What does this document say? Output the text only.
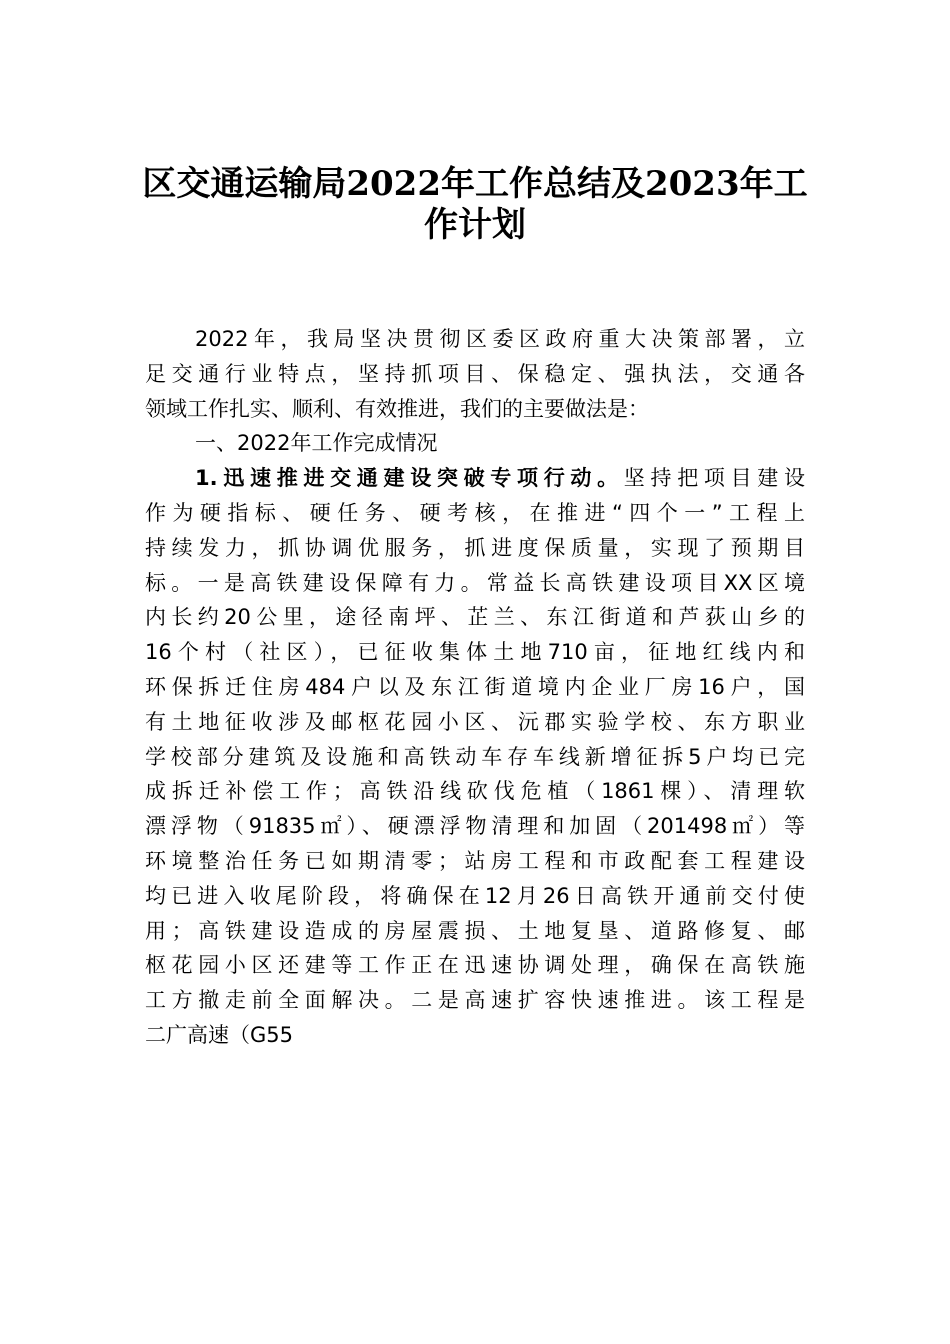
区交通运输局2022年工作总结及2023年工
作计划
2022年，我局坚决贯彻区委区政府重大决策部署，立
足交通行业特点，坚持抓项目、保稳定、强执法，交通各
领域工作扎实、顺利、有效推进，我们的主要做法是：
一、2022年工作完成情况
1.迅速推进交通建设突破专项行动。坚持把项目建设
作为硬指标、硬任务、硬考核，在推进“四个一”工程上
持续发力，抓协调优服务，抓进度保质量，实现了预期目
标。一是高铁建设保障有力。常益长高铁建设项目XX区境
内长约20公里，途径南坪、芷兰、东江街道和芦荻山乡的
16个村（社区），已征收集体土地710亩，征地红线内和
环保拆迁住房484户以及东江街道境内企业厂房16户，国
有土地征收涉及邮枢花园小区、沅郡实验学校、东方职业
学校部分建筑及设施和高铁动车存车线新增征拆5户均已完
成拆迁补偿工作；高铁沿线砍伐危植（1861棵）、清理软
漂浮物（91835㎡）、硬漂浮物清理和加固（201498㎡）等
环境整治任务已如期清零；站房工程和市政配套工程建设
均已进入收尾阶段，将确保在12月26日高铁开通前交付使
用；高铁建设造成的房屋震损、土地复垦、道路修复、邮
枢花园小区还建等工作正在迅速协调处理，确保在高铁施
工方撤走前全面解决。二是高速扩容快速推进。该工程是
二广高速（G55
